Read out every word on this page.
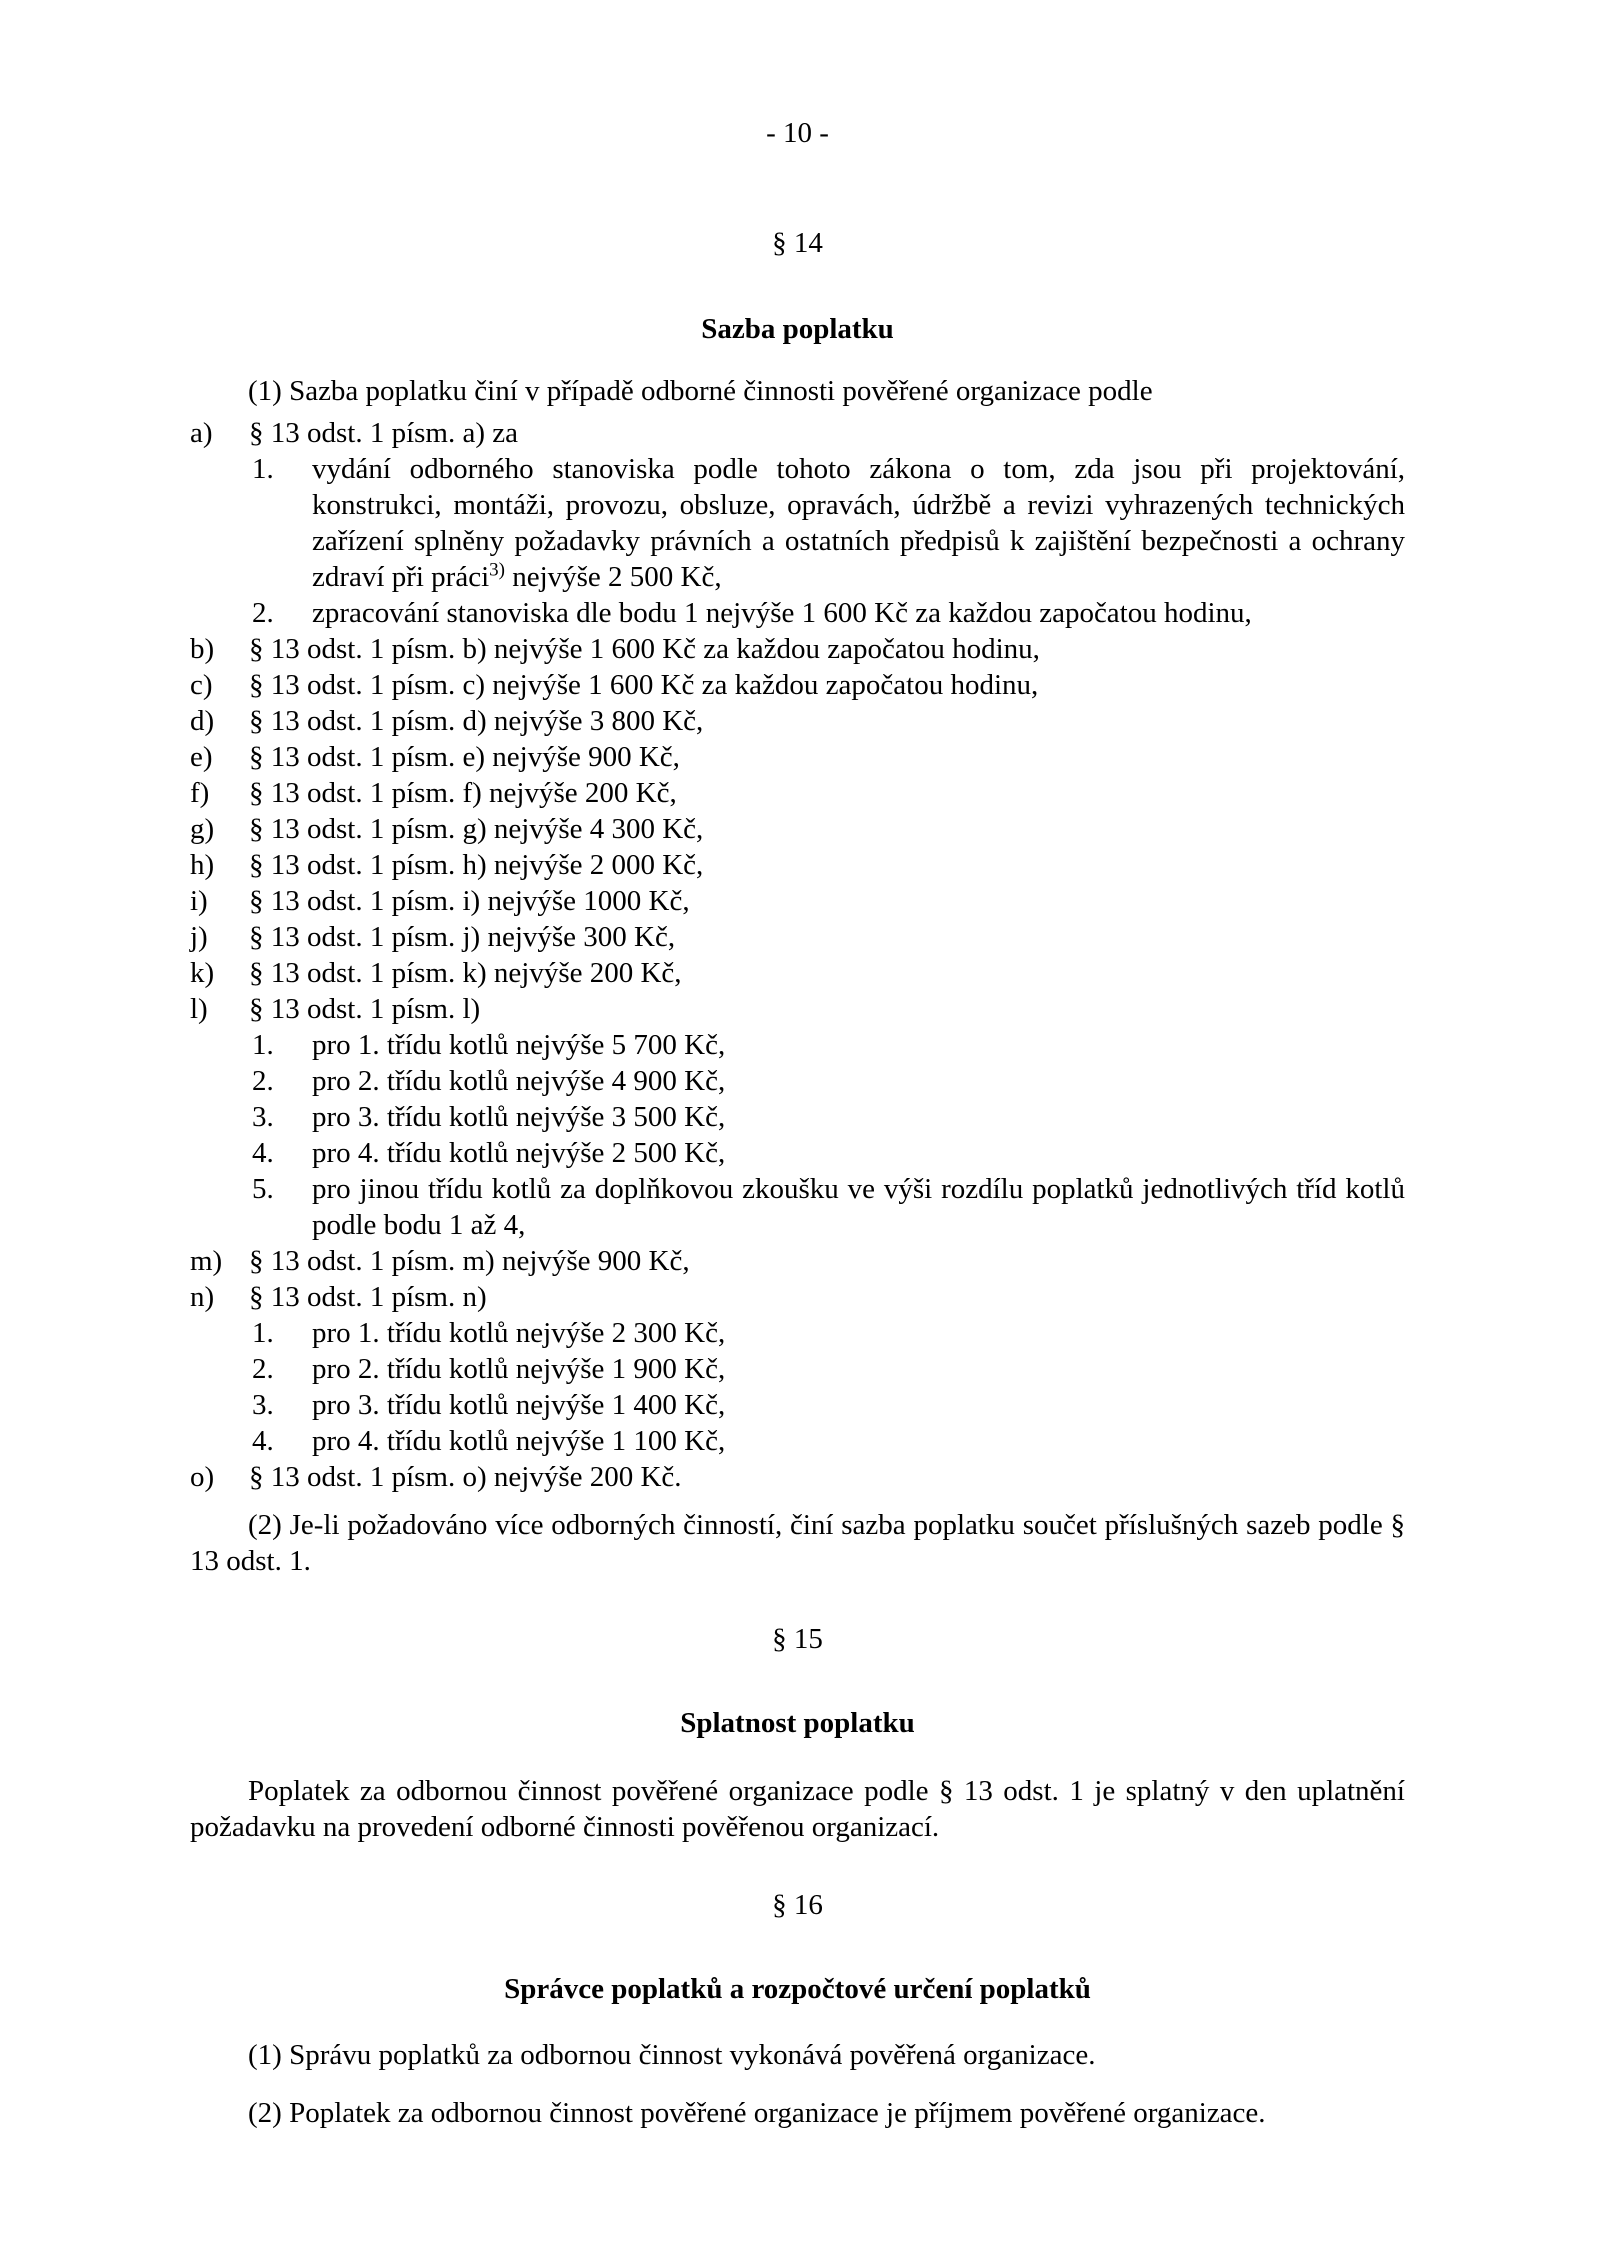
- 10 -
§ 14
Sazba poplatku
(1) Sazba poplatku činí v případě odborné činnosti pověřené organizace podle
a)	§ 13 odst. 1 písm. a) za
1.	vydání odborného stanoviska podle tohoto zákona o tom, zda jsou při projektování, konstrukci, montáži, provozu, obsluze, opravách, údržbě a revizi vyhrazených technických zařízení splněny požadavky právních a ostatních předpisů k zajištění bezpečnosti a ochrany zdraví při práci$^{3)}$ nejvýše 2 500 Kč,
2.	zpracování stanoviska dle bodu 1 nejvýše 1 600 Kč za každou započatou hodinu,
b)	§ 13 odst. 1 písm. b) nejvýše 1 600 Kč za každou započatou hodinu,
c)	§ 13 odst. 1 písm. c) nejvýše 1 600 Kč za každou započatou hodinu,
d)	§ 13 odst. 1 písm. d) nejvýše 3 800 Kč,
e)	§ 13 odst. 1 písm. e) nejvýše 900 Kč,
f)	§ 13 odst. 1 písm. f) nejvýše 200 Kč,
g)	§ 13 odst. 1 písm. g) nejvýše 4 300 Kč,
h)	§ 13 odst. 1 písm. h) nejvýše 2 000 Kč,
i)	§ 13 odst. 1 písm. i) nejvýše 1000 Kč,
j)	§ 13 odst. 1 písm. j) nejvýše 300 Kč,
k)	§ 13 odst. 1 písm. k) nejvýše 200 Kč,
l)	§ 13 odst. 1 písm. l)
1.	pro 1. třídu kotlů nejvýše 5 700 Kč,
2.	pro 2. třídu kotlů nejvýše 4 900 Kč,
3.	pro 3. třídu kotlů nejvýše 3 500 Kč,
4.	pro 4. třídu kotlů nejvýše 2 500 Kč,
5.	pro jinou třídu kotlů za doplňkovou zkoušku ve výši rozdílu poplatků jednotlivých tříd kotlů podle bodu 1 až 4,
m) § 13 odst. 1 písm. m) nejvýše 900 Kč,
n)	§ 13 odst. 1 písm. n)
1.	pro 1. třídu kotlů nejvýše 2 300 Kč,
2.	pro 2. třídu kotlů nejvýše 1 900 Kč,
3.	pro 3. třídu kotlů nejvýše 1 400 Kč,
4.	pro 4. třídu kotlů nejvýše 1 100 Kč,
o)	§ 13 odst. 1 písm. o) nejvýše 200 Kč.
(2) Je-li požadováno více odborných činností, činí sazba poplatku součet příslušných sazeb podle § 13 odst. 1.
§ 15
Splatnost poplatku
Poplatek za odbornou činnost pověřené organizace podle § 13 odst. 1 je splatný v den uplatnění požadavku na provedení odborné činnosti pověřenou organizací.
§ 16
Správce poplatků a rozpočtové určení poplatků
(1) Správu poplatků za odbornou činnost vykonává pověřená organizace.
(2) Poplatek za odbornou činnost pověřené organizace je příjmem pověřené organizace.
